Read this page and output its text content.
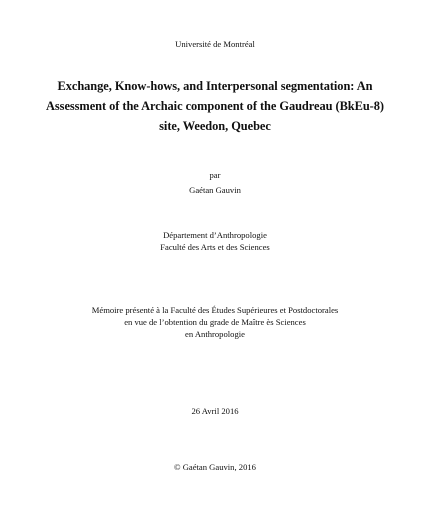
Université de Montréal
Exchange, Know-hows, and Interpersonal segmentation: An
Assessment of the Archaic component of the Gaudreau (BkEu-8)
site, Weedon, Quebec
par
Gaétan Gauvin
Département d’Anthropologie
Faculté des Arts et des Sciences
Mémoire présenté à la Faculté des Études Supérieures et Postdoctorales
en vue de l’obtention du grade de Maître ès Sciences
en Anthropologie
26 Avril 2016
© Gaétan Gauvin, 2016
